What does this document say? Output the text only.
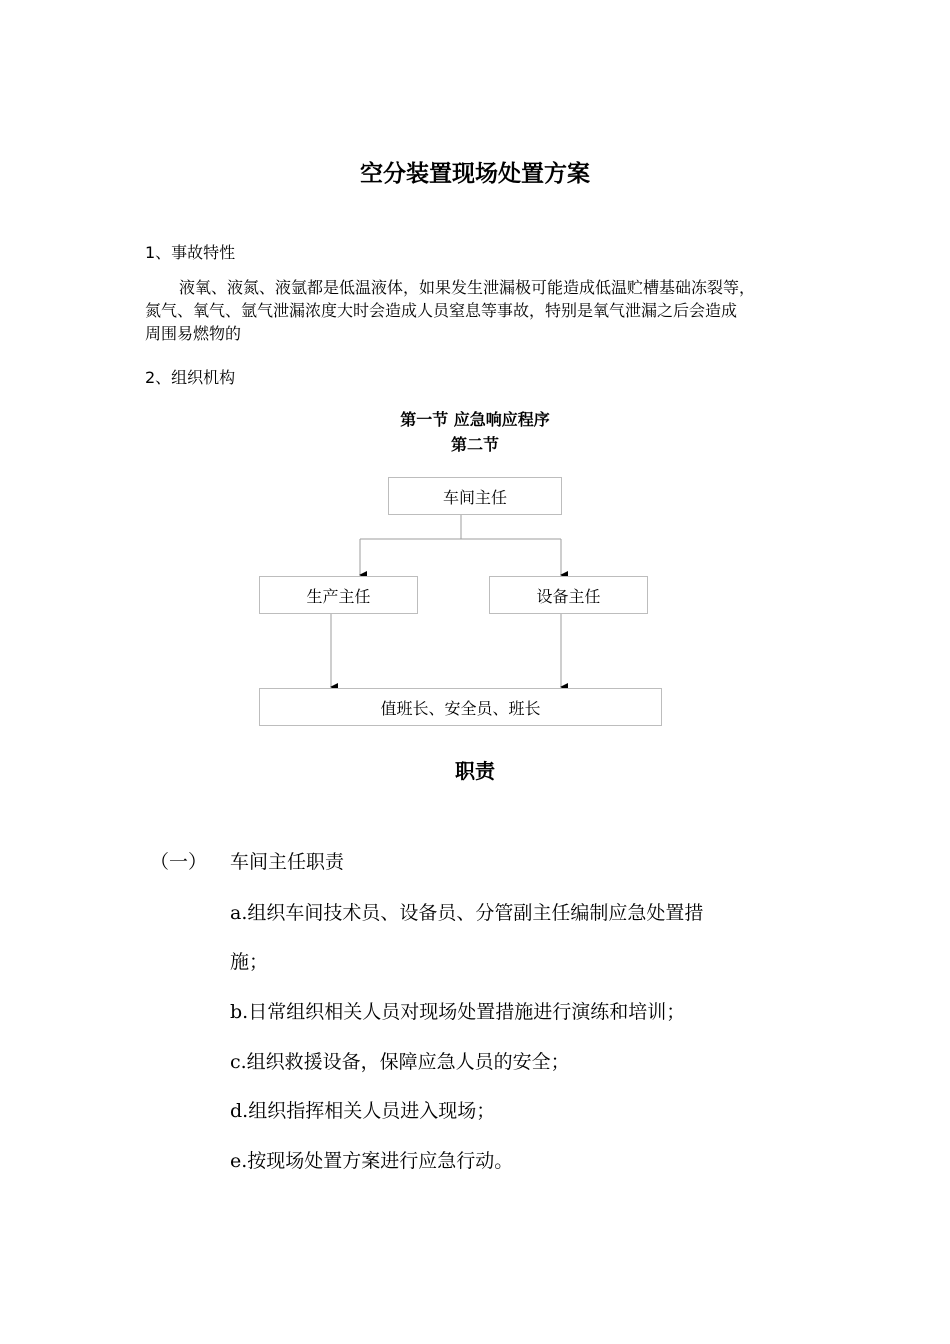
空分装置现场处置方案
1、事故特性
液氧、液氮、液氩都是低温液体，如果发生泄漏极可能造成低温贮槽基础冻裂等，
氮气、氧气、氩气泄漏浓度大时会造成人员窒息等事故，特别是氧气泄漏之后会造成
周围易燃物的
2、组织机构
第一节 应急响应程序
第二节
车间主任
生产主任	设备主任
值班长、安全员、班长
职责
（一） 车间主任职责
a.组织车间技术员、设备员、分管副主任编制应急处置措
施；
b.日常组织相关人员对现场处置措施进行演练和培训；
c.组织救援设备，保障应急人员的安全；
d.组织指挥相关人员进入现场；
e.按现场处置方案进行应急行动。
